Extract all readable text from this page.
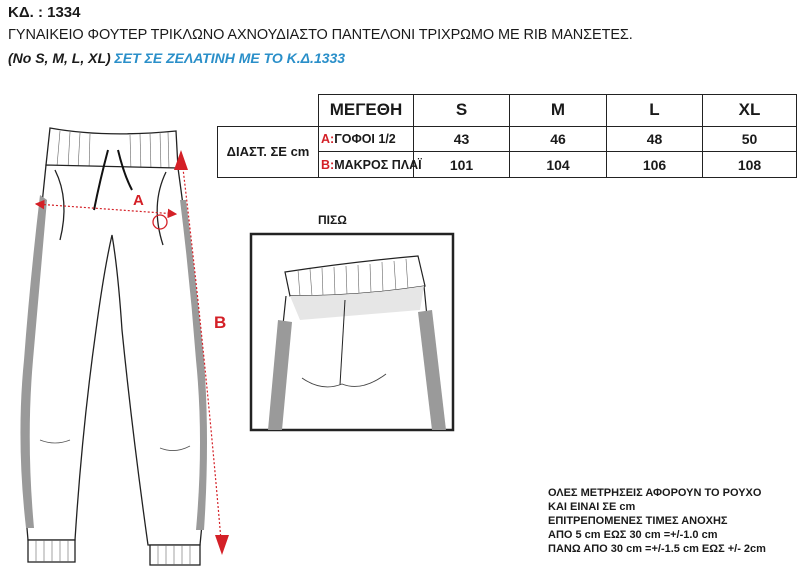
ΚΔ. : 1334
ΓΥΝΑΙΚΕΙΟ ΦΟΥΤΕΡ ΤΡΙΚΛΩΝΟ ΑΧΝΟΥΔΙΑΣΤΟ ΠΑΝΤΕΛΟΝΙ ΤΡΙΧΡΩΜΟ ΜΕ RIB ΜΑΝΣΕΤΕΣ.
(No S, M, L, XL) ΣΕΤ ΣΕ ΖΕΛΑΤΙΝΗ ΜΕ ΤΟ Κ.Δ.1333
	ΜΕΓΕΘΗ	S	M	L	XL
ΔΙΑΣΤ. ΣΕ cm	A:ΓΟΦΟΙ 1/2	43	46	48	50
	B:ΜΑΚΡΟΣ ΠΛΑΪ	101	104	106	108
A
B
ΠΙΣΩ
ΟΛΕΣ ΜΕΤΡΗΣΕΙΣ ΑΦΟΡΟΥΝ ΤΟ ΡΟΥΧΟ
ΚΑΙ ΕΙΝΑΙ ΣΕ cm
ΕΠΙΤΡΕΠΟΜΕΝΕΣ ΤΙΜΕΣ ΑΝΟΧΗΣ
ΑΠΟ 5 cm ΕΩΣ 30 cm =+/-1.0 cm
ΠΑΝΩ ΑΠΟ 30 cm =+/-1.5 cm ΕΩΣ +/- 2cm
